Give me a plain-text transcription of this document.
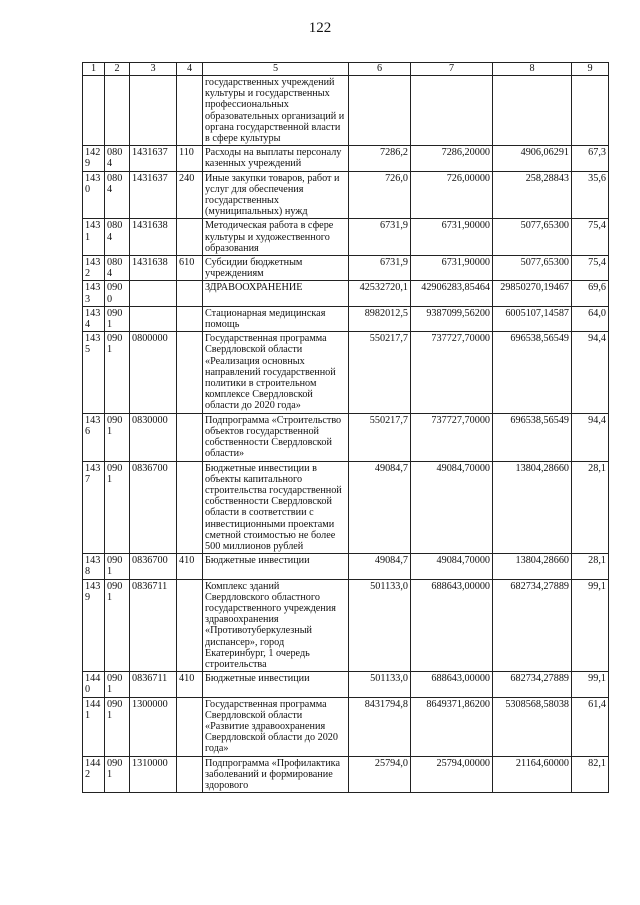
122
1	2	3	4	5	6	7	8	9
				государственных учреждений культуры и государственных профессиональных образовательных организаций и органа государственной власти в сфере культуры				
1429	0804	1431637	110	Расходы на выплаты персоналу казенных учреждений	7286,2	7286,20000	4906,06291	67,3
1430	0804	1431637	240	Иные закупки товаров, работ и услуг для обеспечения государственных (муниципальных) нужд	726,0	726,00000	258,28843	35,6
1431	0804	1431638		Методическая работа в сфере культуры и художественного образования	6731,9	6731,90000	5077,65300	75,4
1432	0804	1431638	610	Субсидии бюджетным учреждениям	6731,9	6731,90000	5077,65300	75,4
1433	0900			ЗДРАВООХРАНЕНИЕ	42532720,1	42906283,85464	29850270,19467	69,6
1434	0901			Стационарная медицинская помощь	8982012,5	9387099,56200	6005107,14587	64,0
1435	0901	0800000		Государственная программа Свердловской области «Реализация основных направлений государственной политики в строительном комплексе Свердловской области до 2020 года»	550217,7	737727,70000	696538,56549	94,4
1436	0901	0830000		Подпрограмма «Строительство объектов государственной собственности Свердловской области»	550217,7	737727,70000	696538,56549	94,4
1437	0901	0836700		Бюджетные инвестиции в объекты капитального строительства государственной собственности Свердловской области в соответствии с инвестиционными проектами сметной стоимостью не более 500 миллионов рублей	49084,7	49084,70000	13804,28660	28,1
1438	0901	0836700	410	Бюджетные инвестиции	49084,7	49084,70000	13804,28660	28,1
1439	0901	0836711		Комплекс зданий Свердловского областного государственного учреждения здравоохранения «Противотуберкулезный диспансер», город Екатеринбург, 1 очередь строительства	501133,0	688643,00000	682734,27889	99,1
1440	0901	0836711	410	Бюджетные инвестиции	501133,0	688643,00000	682734,27889	99,1
1441	0901	1300000		Государственная программа Свердловской области «Развитие здравоохранения Свердловской области до 2020 года»	8431794,8	8649371,86200	5308568,58038	61,4
1442	0901	1310000		Подпрограмма «Профилактика заболеваний и формирование здорового	25794,0	25794,00000	21164,60000	82,1
